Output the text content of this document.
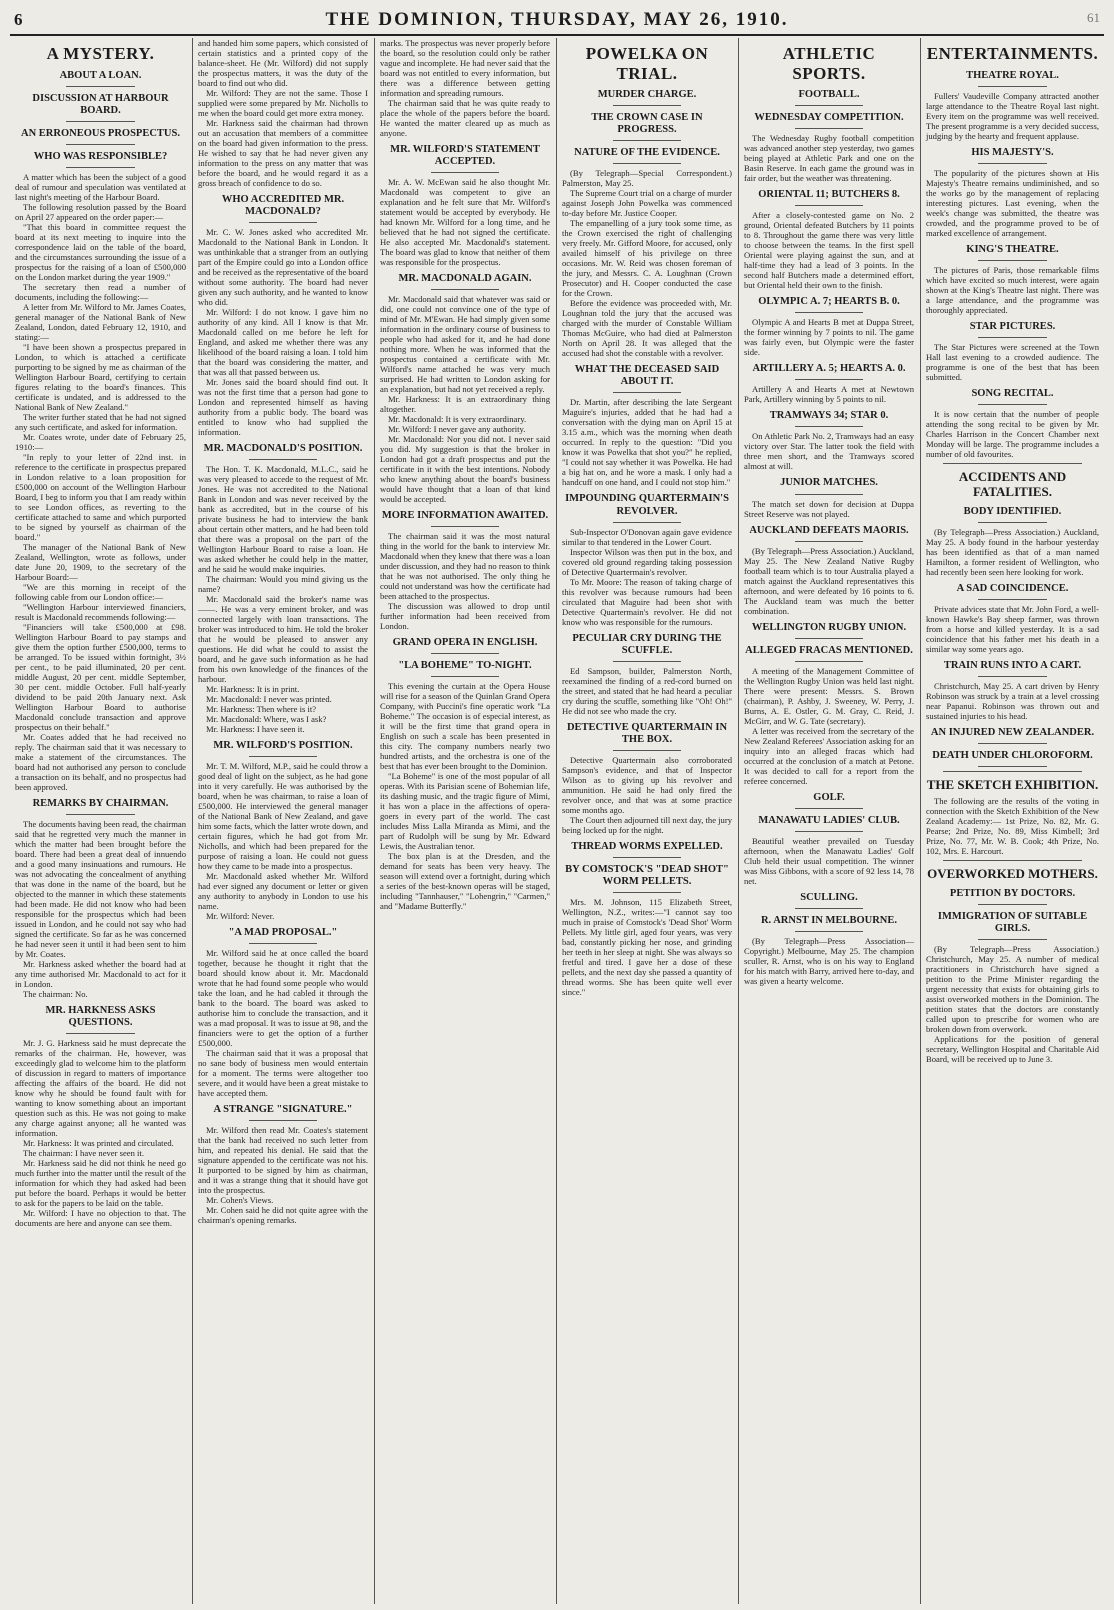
6	THE DOMINION, THURSDAY, MAY 26, 1910.	61
A MYSTERY.
ABOUT A LOAN.
DISCUSSION AT HARBOUR BOARD.
AN ERRONEOUS PROSPECTUS.
WHO WAS RESPONSIBLE?

A matter which has been the subject of a good deal of rumour and speculation was ventilated at last night's meeting of the Harbour Board.

The following resolution passed by the Board on April 27 appeared on the order paper:—

"That this board in committee request the board at its next meeting to inquire into the correspondence laid on the table of the board, and the circumstances surrounding the issue of a prospectus for the raising of a loan of £500,000 on the London market during the year 1909."

The secretary then read a number of documents, including the following:—

A letter from Mr. Wilford to Mr. James Coates, general manager of the National Bank of New Zealand, London, dated February 12, 1910, and stating:—

"I have been shown a prospectus prepared in London, to which is attached a certificate purporting to be signed by me as chairman of the Wellington Harbour Board, certifying to certain figures relating to the board's finances. This certificate is undated, and is addressed to the National Bank of New Zealand."

The writer further stated that he had not signed any such certificate, and asked for information.

Mr. Coates wrote, under date of February 25, 1910:—

"In reply to your letter of 22nd inst. in reference to the certificate in prospectus prepared in London relative to a loan proposition for £500,000 on account of the Wellington Harbour Board, I beg to inform you that I am ready within to see London offices, as reverting to the certificate attached to same and which purported to be signed by yourself as chairman of the board."

The manager of the National Bank of New Zealand, Wellington, wrote as follows, under date June 20, 1909, to the secretary of the Harbour Board:—

"We are this morning in receipt of the following cable from our London office:—

"Wellington Harbour interviewed financiers, result is Macdonald recommends following:—

"Financiers will take £500,000 at £98. Wellington Harbour Board to pay stamps and give them the option further £500,000, terms to be arranged. To be issued within fortnight, 3½ per cent., to be paid illuminated, 20 per cent. middle August, 20 per cent. middle September, 30 per cent. middle October. Full half-yearly dividend to be paid 20th January next. Ask Wellington Harbour Board to authorise Macdonald conclude transaction and approve prospectus on their behalf."

Mr. Coates added that he had received no reply. The chairman said that it was necessary to make a statement of the circumstances. The board had not authorised any person to conclude a transaction on its behalf, and no prospectus had been approved.

REMARKS BY CHAIRMAN.

The documents having been read, the chairman said that he regretted very much the manner in which the matter had been brought before the board. There had been a great deal of innuendo and a good many insinuations and rumours. He was not advocating the concealment of anything that was done in the name of the board, but he objected to the manner in which these statements had been made. He did not know who had been responsible for the prospectus which had been issued in London, and he could not say who had signed the certificate. So far as he was concerned he had never seen it until it had been sent to him by Mr. Coates.

Mr. Harkness asked whether the board had at any time authorised Mr. Macdonald to act for it in London.

The chairman: No.

MR. HARKNESS ASKS QUESTIONS.

Mr. J. G. Harkness said he must deprecate the remarks of the chairman. He, however, was exceedingly glad to welcome him to the platform of discussion in regard to matters of importance affecting the affairs of the board. He did not know why he should be found fault with for wanting to know something about an important question such as this. He was not going to make any charge against anyone; all he wanted was information.

Mr. Harkness: It was printed and circulated.

The chairman: I have never seen it.

Mr. Harkness said he did not think he need go much further into the matter until the result of the information for which they had asked had been put before the board. Perhaps it would be better to ask for the papers to be laid on the table.

Mr. Wilford: I have no objection to that. The documents are here and anyone can see them.

and handed him some papers, which consisted of certain statistics and a printed copy of the balance-sheet. He (Mr. Wilford) did not supply the prospectus matters, it was the duty of the board to find out who did.

Mr. Wilford: They are not the same. Those I supplied were some prepared by Mr. Nicholls to me when the board could get more extra money.

Mr. Harkness said the chairman had thrown out an accusation that members of a committee on the board had given information to the press. He wished to say that he had never given any information to the press on any matter that was before the board, and he would regard it as a gross breach of confidence to do so.

WHO ACCREDITED MR. MACDONALD?

Mr. C. W. Jones asked who accredited Mr. Macdonald to the National Bank in London. It was unthinkable that a stranger from an outlying part of the Empire could go into a London office and be received as the representative of the board without some authority. The board had never given any such authority, and he wanted to know who did.

Mr. Wilford: I do not know. I gave him no authority of any kind. All I know is that Mr. Macdonald called on me before he left for England, and asked me whether there was any likelihood of the board raising a loan. I told him that the board was considering the matter, and that was all that passed between us.

Mr. Jones said the board should find out. It was not the first time that a person had gone to London and represented himself as having authority from a public body. The board was entitled to know who had supplied the information.

MR. MACDONALD'S POSITION.

The Hon. T. K. Macdonald, M.L.C., said he was very pleased to accede to the request of Mr. Jones. He was not accredited to the National Bank in London and was never received by the bank as accredited, but in the course of his private business he had to interview the bank about certain other matters, and he had been told that there was a proposal on the part of the Wellington Harbour Board to raise a loan. He was asked whether he could help in the matter, and he said he would make inquiries.

The chairman: Would you mind giving us the name?

Mr. Macdonald said the broker's name was ——. He was a very eminent broker, and was connected largely with loan transactions. The broker was introduced to him. He told the broker that he would be pleased to answer any questions. He did what he could to assist the board, and he gave such information as he had from his own knowledge of the finances of the harbour.

Mr. Harkness: It is in print.

Mr. Macdonald: I never was printed.

Mr. Harkness: Then where is it?

Mr. Macdonald: Where, was I ask?

Mr. Harkness: I have seen it.

MR. WILFORD'S POSITION.

Mr. T. M. Wilford, M.P., said he could throw a good deal of light on the subject, as he had gone into it very carefully. He was authorised by the board, when he was chairman, to raise a loan of £500,000. He interviewed the general manager of the National Bank of New Zealand, and gave him some facts, which the latter wrote down, and certain figures, which he had got from Mr. Nicholls, and which had been prepared for the purpose of raising a loan. He could not guess how they came to be made into a prospectus.

Mr. Macdonald asked whether Mr. Wilford had ever signed any document or letter or given any authority to anybody in London to use his name.

Mr. Wilford: Never.

"A MAD PROPOSAL."

Mr. Wilford said he at once called the board together, because he thought it right that the board should know about it. Mr. Macdonald wrote that he had found some people who would take the loan, and he had cabled it through the bank to the board. The board was asked to authorise him to conclude the transaction, and it was a mad proposal. It was to issue at 98, and the financiers were to get the option of a further £500,000.

The chairman said that it was a proposal that no sane body of business men would entertain for a moment. The terms were altogether too severe, and it would have been a great mistake to have accepted them.

A STRANGE "SIGNATURE."

Mr. Wilford then read Mr. Coates's statement that the bank had received no such letter from him, and repeated his denial. He said that the signature appended to the certificate was not his. It purported to be signed by him as chairman, and it was a strange thing that it should have got into the prospectus.

Mr. Cohen's Views.

Mr. Cohen said he did not quite agree with the chairman's opening remarks.

marks. The prospectus was never properly before the board, so the resolution could only be rather vague and incomplete. He had never said that the board was not entitled to every information, but there was a difference between getting information and spreading rumours.

The chairman said that he was quite ready to place the whole of the papers before the board. He wanted the matter cleared up as much as anyone.

MR. WILFORD'S STATEMENT ACCEPTED.

Mr. A. W. McEwan said he also thought Mr. Macdonald was competent to give an explanation and he felt sure that Mr. Wilford's statement would be accepted by everybody. He had known Mr. Wilford for a long time, and he believed that he had not signed the certificate. He also accepted Mr. Macdonald's statement. The board was glad to know that neither of them was responsible for the prospectus.

MR. MACDONALD AGAIN.

Mr. Macdonald said that whatever was said or did, one could not convince one of the type of mind of Mr. M'Ewan. He had simply given some information in the ordinary course of business to people who had asked for it, and he had done nothing more. When he was informed that the prospectus contained a certificate with Mr. Wilford's name attached he was very much surprised. He had written to London asking for an explanation, but had not yet received a reply.

Mr. Harkness: It is an extraordinary thing altogether.

Mr. Macdonald: It is very extraordinary.

Mr. Wilford: I never gave any authority.

Mr. Macdonald: Nor you did not. I never said you did. My suggestion is that the broker in London had got a draft prospectus and put the certificate in it with the best intentions. Nobody who knew anything about the board's business would have thought that a loan of that kind would be accepted.

MORE INFORMATION AWAITED.

The chairman said it was the most natural thing in the world for the bank to interview Mr. Macdonald when they knew that there was a loan under discussion, and they had no reason to think that he was not authorised. The only thing he could not understand was how the certificate had been attached to the prospectus.

The discussion was allowed to drop until further information had been received from London.

GRAND OPERA IN ENGLISH.
"LA BOHEME" TO-NIGHT.

This evening the curtain at the Opera House will rise for a season of the Quinlan Grand Opera Company, with Puccini's fine operatic work "La Boheme." The occasion is of especial interest, as it will be the first time that grand opera in English on such a scale has been presented in this city. The company numbers nearly two hundred artists, and the orchestra is one of the best that has ever been brought to the Dominion.

"La Boheme" is one of the most popular of all operas. With its Parisian scene of Bohemian life, its dashing music, and the tragic figure of Mimi, it has won a place in the affections of opera-goers in every part of the world. The cast includes Miss Lalla Miranda as Mimi, and the part of Rudolph will be sung by Mr. Edward Lewis, the Australian tenor.

The box plan is at the Dresden, and the demand for seats has been very heavy. The season will extend over a fortnight, during which a series of the best-known operas will be staged, including "Tannhauser," "Lohengrin," "Carmen," and "Madame Butterfly."

POWELKA ON TRIAL.
MURDER CHARGE.
THE CROWN CASE IN PROGRESS.
NATURE OF THE EVIDENCE.

(By Telegraph—Special Correspondent.) Palmerston, May 25.

The Supreme Court trial on a charge of murder against Joseph John Powelka was commenced to-day before Mr. Justice Cooper.

The empanelling of a jury took some time, as the Crown exercised the right of challenging very freely. Mr. Gifford Moore, for accused, only availed himself of his privilege on three occasions. Mr. W. Reid was chosen foreman of the jury, and Messrs. C. A. Loughnan (Crown Prosecutor) and H. Cooper conducted the case for the Crown.

Before the evidence was proceeded with, Mr. Loughnan told the jury that the accused was charged with the murder of Constable William Thomas McGuire, who had died at Palmerston North on April 28. It was alleged that the accused had shot the constable with a revolver.

WHAT THE DECEASED SAID ABOUT IT.

Dr. Martin, after describing the late Sergeant Maguire's injuries, added that he had had a conversation with the dying man on April 15 at 3.15 a.m., which was the morning when death occurred. In reply to the question: "Did you know it was Powelka that shot you?" he replied, "I could not say whether it was Powelka. He had a big hat on, and he wore a mask. I only had a handcuff on one hand, and I could not stop him."

IMPOUNDING QUARTERMAIN'S REVOLVER.

Sub-Inspector O'Donovan again gave evidence similar to that tendered in the Lower Court.

Inspector Wilson was then put in the box, and covered old ground regarding taking possession of Detective Quartermain's revolver.

To Mr. Moore: The reason of taking charge of this revolver was because rumours had been circulated that Maguire had been shot with Detective Quartermain's revolver. He did not know who was responsible for the rumours.

PECULIAR CRY DURING THE SCUFFLE.

Ed Sampson, builder, Palmerston North, reexamined the finding of a red-cord burned on the street, and stated that he had heard a peculiar cry during the scuffle, something like "Oh! Oh!" He did not see who made the cry.

DETECTIVE QUARTERMAIN IN THE BOX.

Detective Quartermain also corroborated Sampson's evidence, and that of Inspector Wilson as to giving up his revolver and ammunition. He said he had only fired the revolver once, and that was at some practice some months ago.

The Court then adjourned till next day, the jury being locked up for the night.

THREAD WORMS EXPELLED.
BY COMSTOCK'S "DEAD SHOT" WORM PELLETS.

Mrs. M. Johnson, 115 Elizabeth Street, Wellington, N.Z., writes:—"I cannot say too much in praise of Comstock's 'Dead Shot' Worm Pellets. My little girl, aged four years, was very bad, constantly picking her nose, and grinding her teeth in her sleep at night. She was always so fretful and tired. I gave her a dose of these pellets, and the next day she passed a quantity of thread worms. She has been quite well ever since."

ATHLETIC SPORTS.
FOOTBALL.
WEDNESDAY COMPETITION.

The Wednesday Rugby football competition was advanced another step yesterday, two games being played at Athletic Park and one on the Basin Reserve. In each game the ground was in fair order, but the weather was threatening.

ORIENTAL 11; BUTCHERS 8.

After a closely-contested game on No. 2 ground, Oriental defeated Butchers by 11 points to 8. Throughout the game there was very little to choose between the teams. In the first spell Oriental were playing against the sun, and at half-time they had a lead of 3 points. In the second half Butchers made a determined effort, but Oriental held their own to the finish.

OLYMPIC A. 7; HEARTS B. 0.

Olympic A and Hearts B met at Duppa Street, the former winning by 7 points to nil. The game was fairly even, but Olympic were the faster side.

ARTILLERY A. 5; HEARTS A. 0.

Artillery A and Hearts A met at Newtown Park, Artillery winning by 5 points to nil.

TRAMWAYS 34; STAR 0.

On Athletic Park No. 2, Tramways had an easy victory over Star. The latter took the field with three men short, and the Tramways scored almost at will.

JUNIOR MATCHES.

The match set down for decision at Duppa Street Reserve was not played.

AUCKLAND DEFEATS MAORIS.

(By Telegraph—Press Association.) Auckland, May 25. The New Zealand Native Rugby football team which is to tour Australia played a match against the Auckland representatives this afternoon, and were defeated by 16 points to 6. The Auckland team was much the better combination.

WELLINGTON RUGBY UNION.
ALLEGED FRACAS MENTIONED.

A meeting of the Management Committee of the Wellington Rugby Union was held last night. There were present: Messrs. S. Brown (chairman), P. Ashby, J. Sweeney, W. Perry, J. Burns, A. E. Ostler, G. M. Gray, C. Reid, J. McGirr, and W. G. Tate (secretary).

A letter was received from the secretary of the New Zealand Referees' Association asking for an inquiry into an alleged fracas which had occurred at the conclusion of a match at Petone. It was decided to call for a report from the referee concerned.

GOLF.
MANAWATU LADIES' CLUB.

Beautiful weather prevailed on Tuesday afternoon, when the Manawatu Ladies' Golf Club held their usual competition. The winner was Miss Gibbons, with a score of 92 less 14, 78 net.

SCULLING.
R. ARNST IN MELBOURNE.

(By Telegraph—Press Association—Copyright.) Melbourne, May 25. The champion sculler, R. Arnst, who is on his way to England for his match with Barry, arrived here to-day, and was given a hearty welcome.

ENTERTAINMENTS.
THEATRE ROYAL.

Fullers' Vaudeville Company attracted another large attendance to the Theatre Royal last night. Every item on the programme was well received. The present programme is a very decided success, judging by the hearty and frequent applause.

HIS MAJESTY'S.

The popularity of the pictures shown at His Majesty's Theatre remains undiminished, and so the works go by the management of replacing interesting pictures. Last evening, when the week's change was submitted, the theatre was crowded, and the programme proved to be of marked excellence of arrangement.

KING'S THEATRE.

The pictures of Paris, those remarkable films which have excited so much interest, were again shown at the King's Theatre last night. There was a large attendance, and the programme was thoroughly appreciated.

STAR PICTURES.

The Star Pictures were screened at the Town Hall last evening to a crowded audience. The programme is one of the best that has been submitted.

SONG RECITAL.

It is now certain that the number of people attending the song recital to be given by Mr. Charles Harrison in the Concert Chamber next Monday will be large. The programme includes a number of old favourites.

ACCIDENTS AND FATALITIES.
BODY IDENTIFIED.

(By Telegraph—Press Association.) Auckland, May 25. A body found in the harbour yesterday has been identified as that of a man named Hamilton, a former resident of Wellington, who had recently been seen here looking for work.

A SAD COINCIDENCE.

Private advices state that Mr. John Ford, a well-known Hawke's Bay sheep farmer, was thrown from a horse and killed yesterday. It is a sad coincidence that his father met his death in a similar way some years ago.

TRAIN RUNS INTO A CART.

Christchurch, May 25. A cart driven by Henry Robinson was struck by a train at a level crossing near Papanui. Robinson was thrown out and sustained injuries to his head.

AN INJURED NEW ZEALANDER.
DEATH UNDER CHLOROFORM.
THE SKETCH EXHIBITION.

The following are the results of the voting in connection with the Sketch Exhibition of the New Zealand Academy:— 1st Prize, No. 82, Mr. G. Pearse; 2nd Prize, No. 89, Miss Kimbell; 3rd Prize, No. 77, Mr. W. B. Cook; 4th Prize, No. 102, Mrs. E. Harcourt.

OVERWORKED MOTHERS.
PETITION BY DOCTORS.
IMMIGRATION OF SUITABLE GIRLS.

(By Telegraph—Press Association.) Christchurch, May 25. A number of medical practitioners in Christchurch have signed a petition to the Prime Minister regarding the urgent necessity that exists for obtaining girls to assist overworked mothers in the Dominion. The petition states that the doctors are constantly called upon to prescribe for women who are broken down from overwork.

Applications for the position of general secretary, Wellington Hospital and Charitable Aid Board, will be received up to June 3.
